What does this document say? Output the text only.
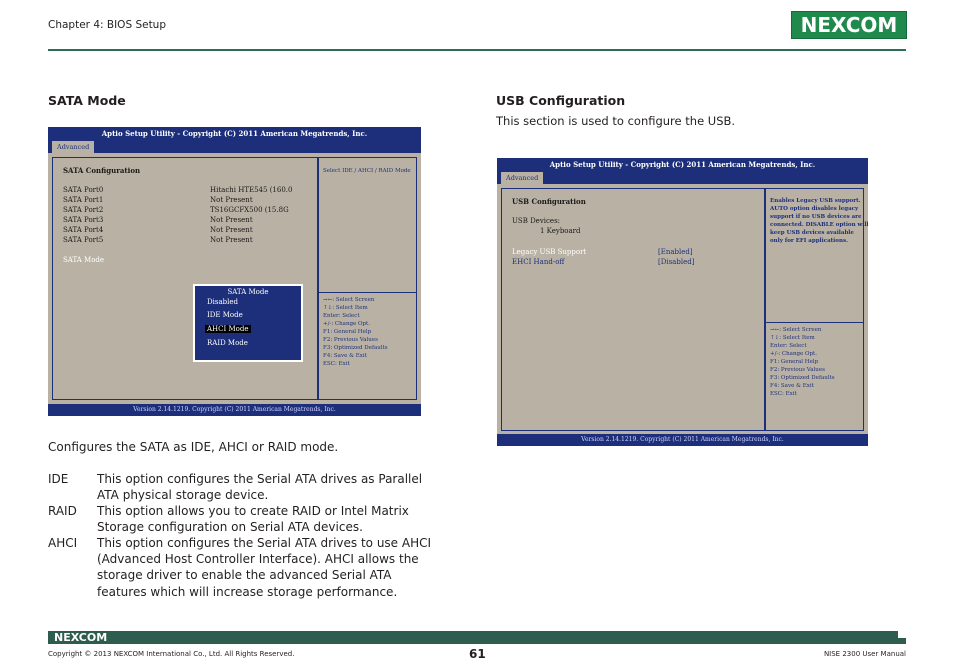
Chapter 4: BIOS Setup	NEXCOM
SATA Mode
Aptio Setup Utility - Copyright (C) 2011 American Megatrends, Inc.
Advanced
SATA Configuration
SATA Port0	Hitachi HTE545 (160.0
SATA Port1	Not Present
SATA Port2	TS16GCFX500 (15.8G
SATA Port3	Not Present
SATA Port4	Not Present
SATA Port5	Not Present
SATA Mode
SATA Mode
Disabled
IDE Mode
AHCI Mode
RAID Mode
Select IDE / AHCI / RAID Mode
→←: Select Screen
↑↓: Select Item
Enter: Select
+/-: Change Opt.
F1: General Help
F2: Previous Values
F3: Optimized Defaults
F4: Save & Exit
ESC: Exit
Version 2.14.1219. Copyright (C) 2011 American Megatrends, Inc.
Configures the SATA as IDE, AHCI or RAID mode.
IDE This option configures the Serial ATA drives as Parallel ATA physical storage device.
RAID This option allows you to create RAID or Intel Matrix Storage configuration on Serial ATA devices.
AHCI This option configures the Serial ATA drives to use AHCI (Advanced Host Controller Interface). AHCI allows the storage driver to enable the advanced Serial ATA features which will increase storage performance.
USB Configuration
This section is used to configure the USB.
Aptio Setup Utility - Copyright (C) 2011 American Megatrends, Inc.
Advanced
USB Configuration
USB Devices:
1 Keyboard
Legacy USB Support	[Enabled]
EHCI Hand-off	[Disabled]
Enables Legacy USB support.
AUTO option disables legacy
support if no USB devices are
connected. DISABLE option will
keep USB devices available
only for EFI applications.
→←: Select Screen
↑↓: Select Item
Enter: Select
+/-: Change Opt.
F1: General Help
F2: Previous Values
F3: Optimized Defaults
F4: Save & Exit
ESC: Exit
Version 2.14.1219. Copyright (C) 2011 American Megatrends, Inc.
NEXCOM
Copyright © 2013 NEXCOM International Co., Ltd. All Rights Reserved.	61	NISE 2300 User Manual
